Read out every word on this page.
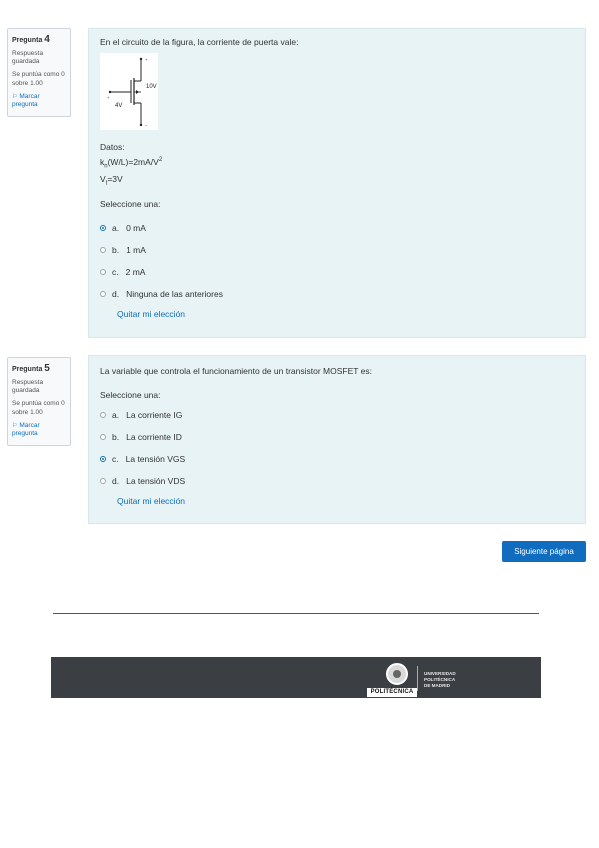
Pregunta 4
Respuesta guardada
Se puntúa como 0 sobre 1.00
⚐ Marcar pregunta
En el circuito de la figura, la corriente de puerta vale:
+
−
+
10V
4V
Datos:
$k_n(W/L)=2mA/V^2$
$V_t=3V$
Seleccione una:
a. 0 mA
b. 1 mA
c. 2 mA
d. Ninguna de las anteriores
Quitar mi elección
Pregunta 5
Respuesta guardada
Se puntúa como 0 sobre 1.00
⚐ Marcar pregunta
La variable que controla el funcionamiento de un transistor MOSFET es:
Seleccione una:
a. La corriente IG
b. La corriente ID
c. La tensión VGS
d. La tensión VDS
Quitar mi elección
Siguiente página
POLITÉCNICA
UNIVERSIDAD
POLITÉCNICA
DE MADRID
